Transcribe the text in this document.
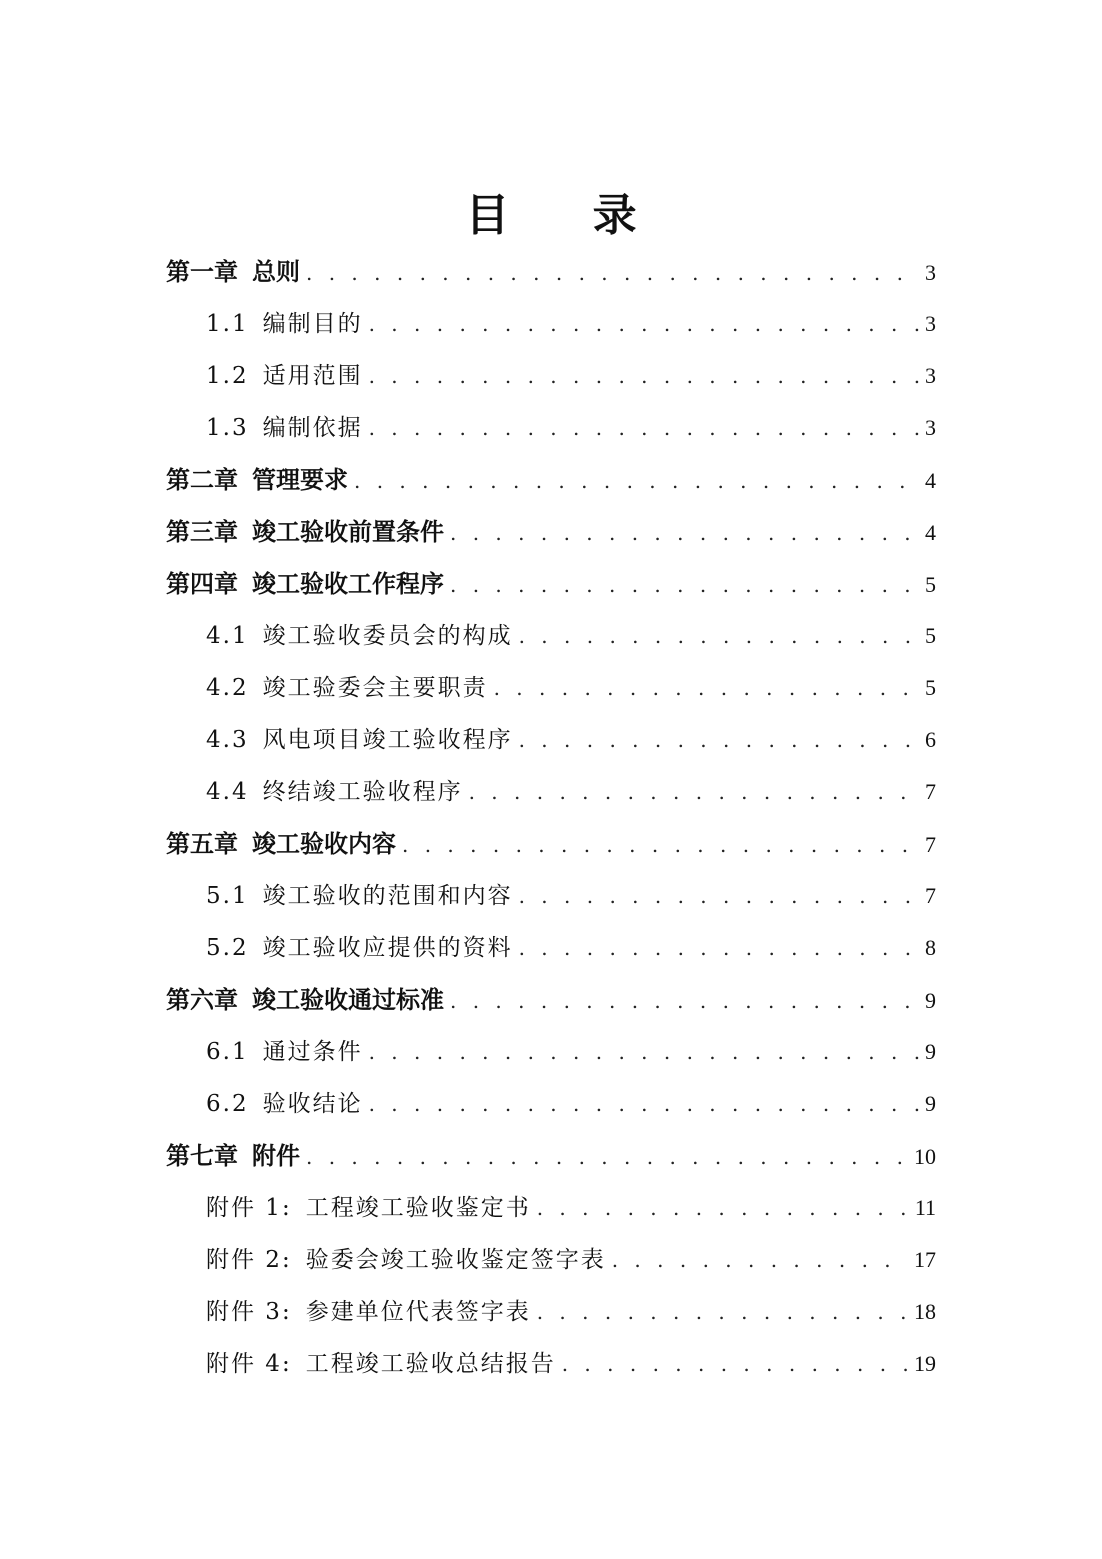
目 录
第一章 总则 . . .	3
1.1 编制目的 . . .	3
1.2 适用范围 . . .	3
1.3 编制依据 . . .	3
第二章 管理要求 . . .	4
第三章 竣工验收前置条件 . . .	4
第四章 竣工验收工作程序 . . .	5
4.1 竣工验收委员会的构成 . . .	5
4.2 竣工验委会主要职责 . . .	5
4.3 风电项目竣工验收程序 . . .	6
4.4 终结竣工验收程序 . . .	7
第五章 竣工验收内容 . . .	7
5.1 竣工验收的范围和内容 . . .	7
5.2 竣工验收应提供的资料 . . .	8
第六章 竣工验收通过标准 . . .	9
6.1 通过条件 . . .	9
6.2 验收结论 . . .	9
第七章 附件 . . .	10
附件 1: 工程竣工验收鉴定书 . . .	11
附件 2: 验委会竣工验收鉴定签字表 . . .	17
附件 3: 参建单位代表签字表 . . .	18
附件 4: 工程竣工验收总结报告 . . .	19
